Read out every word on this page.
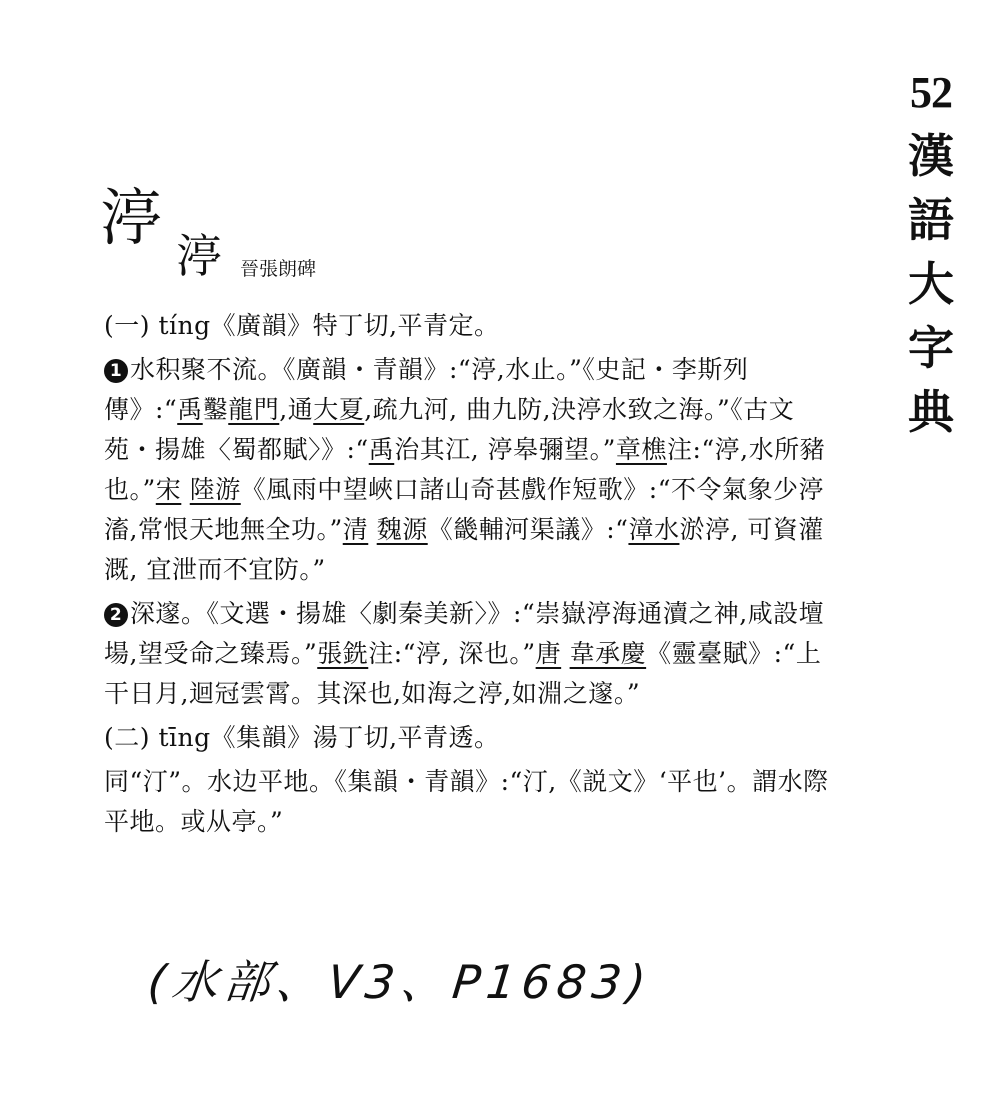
52
漢
語
大
字
典
渟
渟 晉張朗碑

(一) tíng《廣韻》特丁切,平青定。

1 水积聚不流。《廣韻・青韻》:“渟,水止。”《史記・李斯列傳》:“禹鑿龍門,通大夏,疏九河, 曲九防,決渟水致之海。”《古文苑・揚雄〈蜀都賦〉》:“禹治其江, 渟皋彌望。”章樵注:“渟,水所豬也。”宋 陸游《風雨中望峽口諸山奇甚戲作短歌》:“不令氣象少渟滀,常恨天地無全功。”清 魏源《畿輔河渠議》:“漳水淤渟, 可資灌溉, 宜泄而不宜防。”

2 深邃。《文選・揚雄〈劇秦美新〉》:“崇嶽渟海通瀆之神,咸設壇場,望受命之臻焉。”張銑注:“渟, 深也。”唐 韋承慶《靈臺賦》:“上干日月,迴冠雲霄。其深也,如海之渟,如淵之邃。”

(二) tīng《集韻》湯丁切,平青透。

同“汀”。水边平地。《集韻・青韻》:“汀,《説文》‘平也’。謂水際平地。或从亭。”

(水部、V3、P1683)
